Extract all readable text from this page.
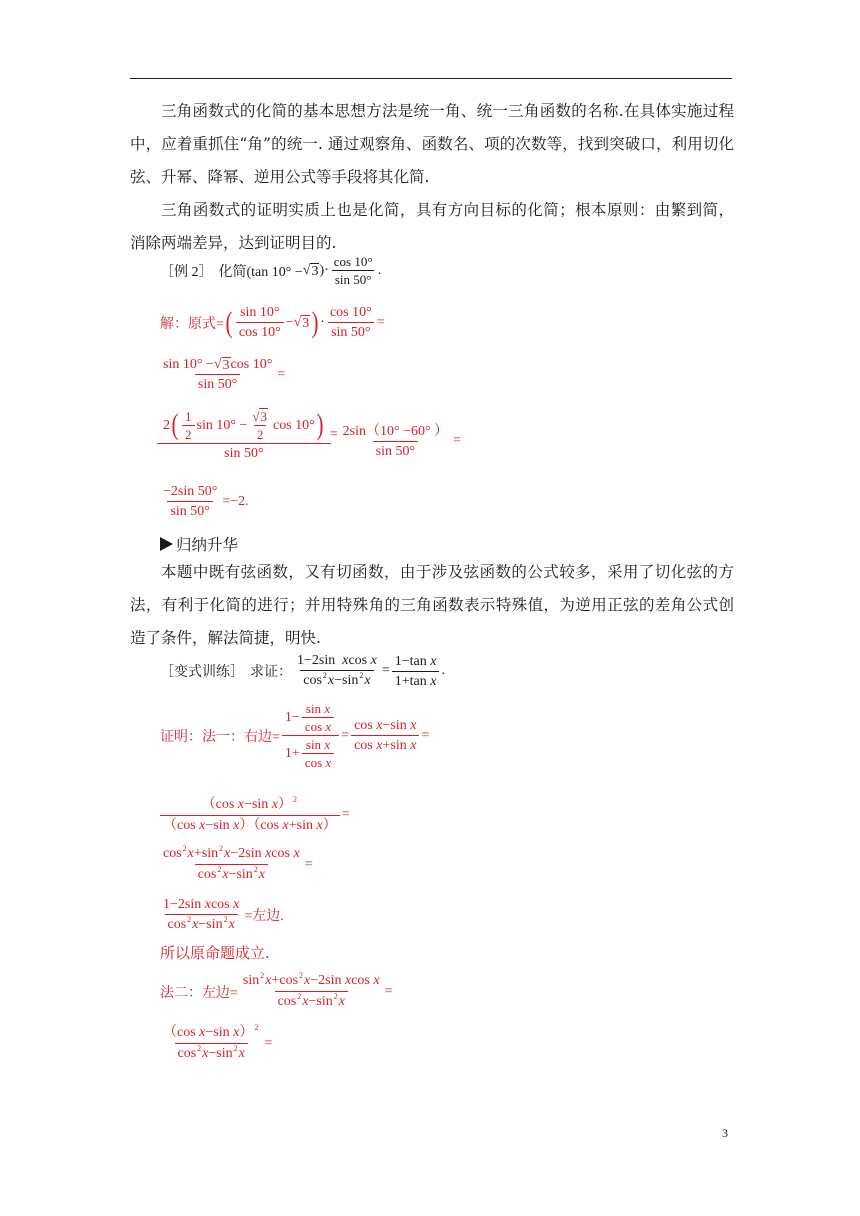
三角函数式的化简的基本思想方法是统一角、统一三角函数的名称.在具体实施过程中，应着重抓住“角”的统一. 通过观察角、函数名、项的次数等，找到突破口，利用切化弦、升幂、降幂、逆用公式等手段将其化简.

三角函数式的证明实质上也是化简，具有方向目标的化简；根本原则：由繁到简，消除两端差异，达到证明目的.

［例 2］ 化简(tan 10° − √ 3 )· $\frac{\cos 10^\circ}{\sin 50^\circ}$ .
解： 原式= ( $\frac{\sin 10^\circ}{\cos 10^\circ}$ − √ 3 ) · $\frac{\cos 10^\circ}{\sin 50^\circ}$ =
$\frac{\sin 10^\circ -√ 3 \cos 10^\circ}{\sin 50^\circ}$ =
$\frac{2 ( \frac{1}{2} \sin 10^\circ - \frac{√ 3}{2} \cos 10^\circ )}{\sin 50^\circ} = \frac{2\sin(10^\circ -60^\circ )}{\sin 50^\circ}$ =
$\frac{-2\sin 50^\circ}{\sin 50^\circ} =-2$.
归纳升华

本题中既有弦函数，又有切函数，由于涉及弦函数的公式较多，采用了切化弦的方法，有利于化简的进行；并用特殊角的三角函数表示特殊值，为逆用正弦的差角公式创造了条件，解法简捷，明快.

［变式训练］ 求证： $\frac{\text{1−2sin xcos x}}{\cos^2x-\sin^2x} = \frac{\text{1−tan x}}{\text{1+tan x}}$ .
证明： 法一：右边= $\frac{1- \frac{\text{sin x}}{\text{cos x}}}{1+ \frac{\text{sin x}}{\text{cos x}}} = \frac{\text{cos x−sin x}}{\text{cos x+sin x}}$ =
$\frac{(\cos x-\sin x)^2}{\text{（cos x−sin x）（cos x+sin x）}}$ =
$\frac{\cos^2x+\sin^2x-2\sin xcos x}{\cos^2x-\sin^2x}$ =
$\frac{\text{1−2sin xcos x}}{\cos^2x-\sin^2x}$ =左边.
所以原命题成立.
法二：左边= $\frac{\sin^2x+\cos^2x-2\sin xcos x}{\cos^2x-\sin^2x}$ =
$\frac{(\cos x-\sin x)^2}{\cos^2x-\sin^2x}$ =
3
